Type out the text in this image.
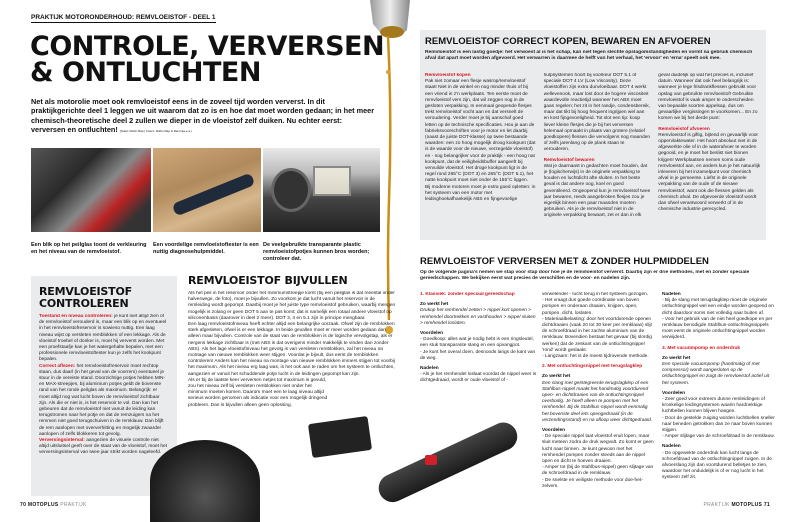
PRAKTIJK MOTORONDERHOUD: REMVLOEISTOF - DEEL 1
CONTROLE, VERVERSEN
& ONTLUCHTEN
Net als motorolie moet ook remvloeistof eens in de zoveel tijd worden ververst. In dit praktijkgerichte deel 1 leggen we uit waarom dat zo is en hoe dat moet worden gedaan; in het meer chemisch-theoretische deel 2 zullen we dieper in de vloeistof zelf duiken. Nu echter eerst: verversen en ontluchten! (Tekst: Robin Rap | Foto's: Robin Rap & Remmia e.a.)
Een blik op het peilglas toont de verkleuring en het niveau van de remvloeistof.
Een voordelige remvloeistoftester is een nuttig diagnosehulpmiddel.
De veelgebruikte transparante plastic remvloeistofpotjes kunnen bros worden; controleer dat.
REMVLOEISTOF
CONTROLEREN

Toestand en niveau controleren: je kunt niet altijd zien of de remvloeistof verouderd is, maar een blik op en eventueel in het remvloeistofreservoir is sowieso nuttig. Een laag niveau wijst op versleten remblokken of een lekkage. Als de vloeistof troebel of donker is, moet hij ververst worden. Met een proefstaafje kan je het watergehalte bepalen, met een professionele remvloeistoftester kun je zelfs het kookpunt bepalen.

Correct aflezen: het remvloeistofreservoir moet rechtop staan, dus daarl (in het geval van de voorrem) eventueel je stuur in de vereiste stand. Doorzichtige potjes hebben MIN- en MAX-streepjes, bij aluminium potjes geldt de bovenste rand van het ronde peilglas als maximum. Belangrijk: er moet altijd nog wat lucht boven de remvloeistof zichtbaar zijn. Als die er niet is, is het reservoir te vol. Dan kan het gebeuren dat de remvloeistof niet vanuit de leiding kan terugstromen naar het potje en dat de remzuigers na het remmen niet goed terugschuiven in de remklauw. Dan blijft de rem aanlopen met oververhitting en mogelijk zwaarder aanlopen of zelfs blokkeren tot gevolg.

Verversingsinterval: aangezien de visuele controle niet altijd uitsluitsel geeft over de staat van de vloeistof, moet het verversingsinterval van twee jaar strikt worden nageleefd.

REMVLOEISTOF BIJVULLEN

Als het peil in het reservoir onder het minimumstreepje komt (bij een peilglas is dat meestal onder halverwege, de foto), moet je bijvullen. Zo voorkom je dat lucht vanuit het reservoir in de remleiding wordt gepompt. Daarbij moet je het juiste type remvloeistof gebruiken, waarbij mengen mogelijk is zolang er geen DOT 5 aan te pas komt; dat is namelijk een totaal andere vloeistof op siliconenbasis (daarover in deel 2 meer). DOT 3, 4 en 5.1 zijn in principe mengbaar.

Een laag remvloeistofniveau heeft echter altijd een belangrijke oorzaak. Ofwel zijn de remblokken sterk afgesleten, ofwel is er een lekkage. In beide gevallen moet er meer worden gedaan dan alleen maar bijvullen. Controle van de staat van de remblokken is de logische vervolgstap, als er nergens lekkage zichtbaar is (met ABS is dat overigens minder makkelijk te vinden dan zonder ABS). Als het lage vloeistofniveau het gevolg is van versleten remblokken, zal het niveau na montage van nieuwe remblokken weer stijgen. Voordat je bijvult, dus eerst de remblokken controleren! Anders kan het niveau na montage van nieuwe remblokken immers stijgen tot voorbij het maximum. Als het niveau erg laag was, is het ook aan te raden om het systeem te ontluchten, aangezien er vanuit het schuddende potje lucht in de leidingen gepompt kan zijn.

Als er bij de laatste keer verversen netjes tot maximum is gevuld, zou het niveau zelf bij versleten remblokken niet onder het minimum moeten komen. Daarom moet een te laag niveau altijd serieus worden genomen als indicatie voor een mogelijk dringend probleem. Dan is bijvullen alleen geen oplossing.

70 MOTOPLUS PRAKTIJK
REMVLOEISTOF CORRECT KOPEN, BEWAREN EN AFVOEREN
Remvloeistof is een lastig goedje: het verwoest al is het schap, kan niet tegen slechte opslagomstandigheden en vormt na gebruik chemisch afval dat apart moet worden afgevoerd. Het verwarren is daarmee de helft van het verhaal, het 'ervoor' en 'erna' speelt ook mee.

Remvloeistof kopen
Pak niet zomaar een flesje wasrop/remvloeistof staat! Niet in de winkel en nog minder thuis of bij een vriend in z'n werkplaats. Ten eerste moet de remvloeistof vers zijn, dat wil zeggen nog in de gesloten verpakking. In eenmaal geopende flesjes trekt remvloeistof vocht aan en dat versnelt de veroudering. Verder moet je bij aanschaf goed letten op de technische specificaties. Hou je aan de fabrieksvoorschriften voor je motor en let daarbij (naast de juiste DOT-klasse) op twee bestaande waarden: een zo hoog mogelijk droog kookpunt (dat is de waarde voor de nieuwe, verzegelde vloeistof) en - nog belangrijker voor de praktijk - een hoog nat kookpunt, dat de veiligheidsbuffer aangeeft bij vervuilde vloeistof. Het droge kookpunt ligt in de regel rond 265°C (DOT 3) en 265°C (DOT 5.1), het natte kookpunt moet niet onder de 155°C liggen.
Bij moderne motoren moet je extra goed opletten: in het systeem van een motor met leidinghoekafhankelijk ABS en fijngevoelige

hulpsystemen hoort bij voorkeur DOT 5.1 of speciale DOT 4 LV (Low Viscosity). Deze vloeistoffen zijn extra dunvloeibaar. DOT 4 werkt wellevenook, maar lost door de hogere viscositeit waardevolle reactietijd wanneer het ABS moet gaan regelen; het zit in het randje, condensbereik, maar dat tikt bij hoog frequent ingrijpen wel aan en kost fijngevoeligheid. Tot slot een tip: koop liever kleine flesjes die je bij het verversen helemaal opmaakt in plaats van grotere (relatief goedkopere) flessen die vervolgens nog maanden of zelfs jarenlang op de plank staan te verouderen.

Remvloeistof bewaren
Wat je daarnaast in gedachten moet houden, dat je (logischerwijs) in de originele verpakking te houden en luchtdicht afte sluiten. In het beste geval is dat andere oog, koel en goed geventileerd. Ongeopend kun je remvloeistof twee jaar bewaren, reeds aangebroken flesjes zou je eigenlijk binnen een paar maanden moeten gebruiken. Als je de remvloeistof niet in de originele verpakking bewaart, zet er dan in elk

geval duidelijk op wat het precies is, inclusief datum. Wanneer dat ook heel belangrijk is: wanneer je lege frisdrankflessen gebruikt voor opslag van gebruikte remvloeistof! Gebruikte remvloeistof is vaak amper te onderscheiden van bepaalde soorten appelsap, dus om gevaarlijke vergissingen te voorkomen... En zo komen we bij het derde punt:

Remvloeistof afvoeren
Remvloeistof is giftig, bijtend en gevaarlijk voor oppervlaktewater. Het hoort absoluut niet in de afgewerkte olie of in de waterafvoer te worden gegooid, en je moet het beslist niet binnen krijgen! Werkplaatsen nemen soms oude remvloeistof aan, en anders kun je het natuurlijk inleveren bij het inzamelpunt voor chemisch afval in je gemeente. Liefst in de originele verpakking van de oude of de nieuwe remvloeistof, want ook die flessen gelden als chemisch afval. De afgevoerde vloeistof wordt dan ofwel verantwoord verwerkt of in de chemische industrie gerecycled.

REMVLOEISTOF VERVERSEN MET & ZONDER HULPMIDDELEN
Op de volgende pagina's nemen we stap voor stap door hoe je de remvloeistof ververst. Daarbij zijn er drie methodes, met en zonder speciale gereedschappen. We bekijken eerst wat precies de verschillen en de voor- en nadelen zijn.

1. Klassiek: zonder speciaal gereedschap

Zo werkt het
Drukop het remhendel zetten > nippel kort openen > remhendel doortrekken en vasthouden > nippel sluiten > remhendel loslaten.

Voordelen
- Goedkoop: alles wat je nodig hebt is een ringsleutel, een stuk transparante slang en een opvangpot.
- Je kunt het overal doen, desnoods langs de kant van de weg.

Nadelen
- Als je het remhendel loslaat voordat de nippel weer is dichtgedraaid, wordt er oude vloeistof of -

verwelender - lucht terug in het systeem gezogen.
- Het vraagt dus goede coördinatie van boven pompen en onderaan draaien, knijpen, open, pompen, dicht, loslaten.
- Materiaalbelasting: door het voortdurende openen dichtdraaien (vaak 20 tot 30 keer per remklauw) slijt de schroefdraad in het zachte aluminium van de remklauw. Bovendien bestaat het gevaar (bij slordig werken) dat de zeskant van de ontluchtingnippel 'rond' wordt geslaakt.
- Langzaam: het is de meest tijdrovende methode.

2. Met ontluchtingsnippel met terugslagklep

Zo werkt het
Een slang met geïntegreerde terugslagklep of een Stahlbus-nippel maakt het handmatig voortdurend open- en dichtdraaien van de ontluchtingsnippel overbodig. Je hoeft alleen te pompen met het remhendel. Bij de Stahlbus-nippel wordt eenmalig het bovenste deel iets opengedraaid (in de verzendingsstand) en na afloop weer dichtgedraaid.

Voordelen
- De speciale nippel laat vloeistof eruit lopen, maar sluit meteen zodra de druk wegvalt. Zo komt er geen lucht naar binnen. Je kunt gewoon met het remhendel pompen zonder steeds aan de nippel open en dicht te hoeven draaien.
- Amper tot (bij de Stahlbus-nippel) geen slijtage van de schroefdraad in de remklauw.
- De snelste en veiligste methode voor doe-het-zelvers.

Nadelen
- Bij de slang met terugslagklep moet de originele ontluchtingnippel wel een eindje worden geopend en dicht daardoor soms niet volledig naar buiten af.
- Voor het gebruik van de niet heel goedkope en per remklauw benodigde Stahlbus-ontluchtingsnippels moet eerst de originele ontluchtingnippel worden verwijderd.

3. Met vacuümpomp en onderdruk

Zo werkt het
Een speciale vacuümpomp (handmatig of met compressor) wordt aangesloten op de ontluchtingnippel en zuigt de remvloeistof actief uit het systeem.

Voordelen
- Zeer goed voor extreem dunne remleidingen of kronkelige leidingsystemen waarin hardnekkige luchtbellen kunnen blijven hangen.
- Door de gestelde zuiging worden luchtbellen sneller naar beneden getrokken dan ze naar boven kunnen stijgen.
- Amper slijtage van de schroefdraad in de remklauw.

Nadelen
- De opgewekte onderdruk kan lucht langs de schroefdraad van de ontluchtingnippel zuigen. In de afvoerslang zijn dan voortdurend belletjes te zien, waardoor het onduidelijk is of er nog lucht in het systeem zelf zit.

PRAKTIJK MOTOPLUS 71
